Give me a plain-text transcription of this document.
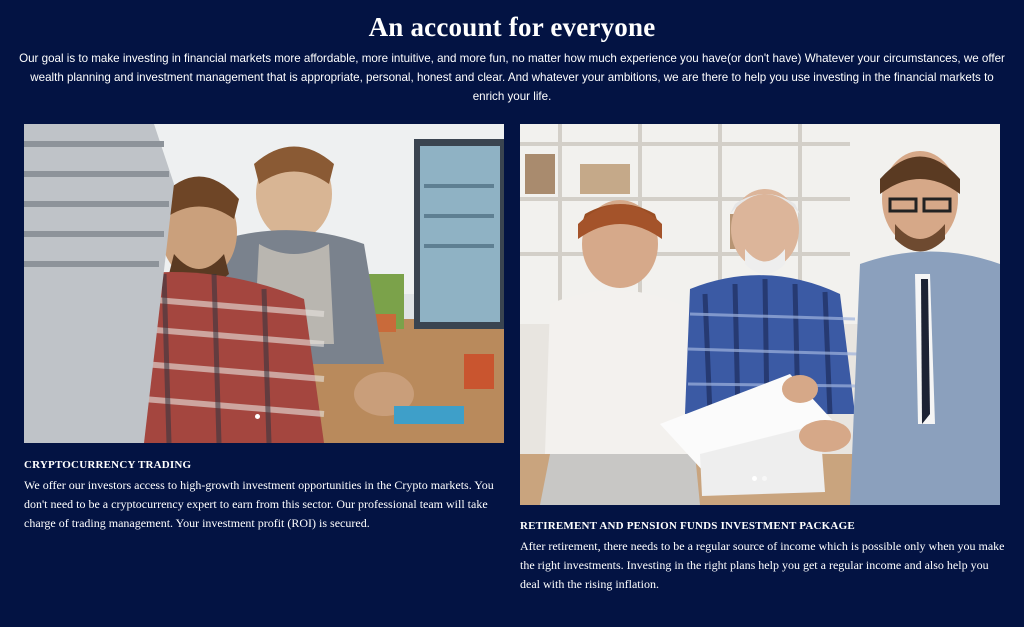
An account for everyone

Our goal is to make investing in financial markets more affordable, more intuitive, and more fun, no matter how much experience you have(or don't have) Whatever your circumstances, we offer wealth planning and investment management that is appropriate, personal, honest and clear. And whatever your ambitions, we are there to help you use investing in the financial markets to enrich your life.

CRYPTOCURRENCY TRADING

We offer our investors access to high-growth investment opportunities in the Crypto markets. You don't need to be a cryptocurrency expert to earn from this sector. Our professional team will take charge of trading management. Your investment profit (ROI) is secured.	RETIREMENT AND PENSION FUNDS INVESTMENT PACKAGE

After retirement, there needs to be a regular source of income which is possible only when you make the right investments. Investing in the right plans help you get a regular income and also help you deal with the rising inflation.
